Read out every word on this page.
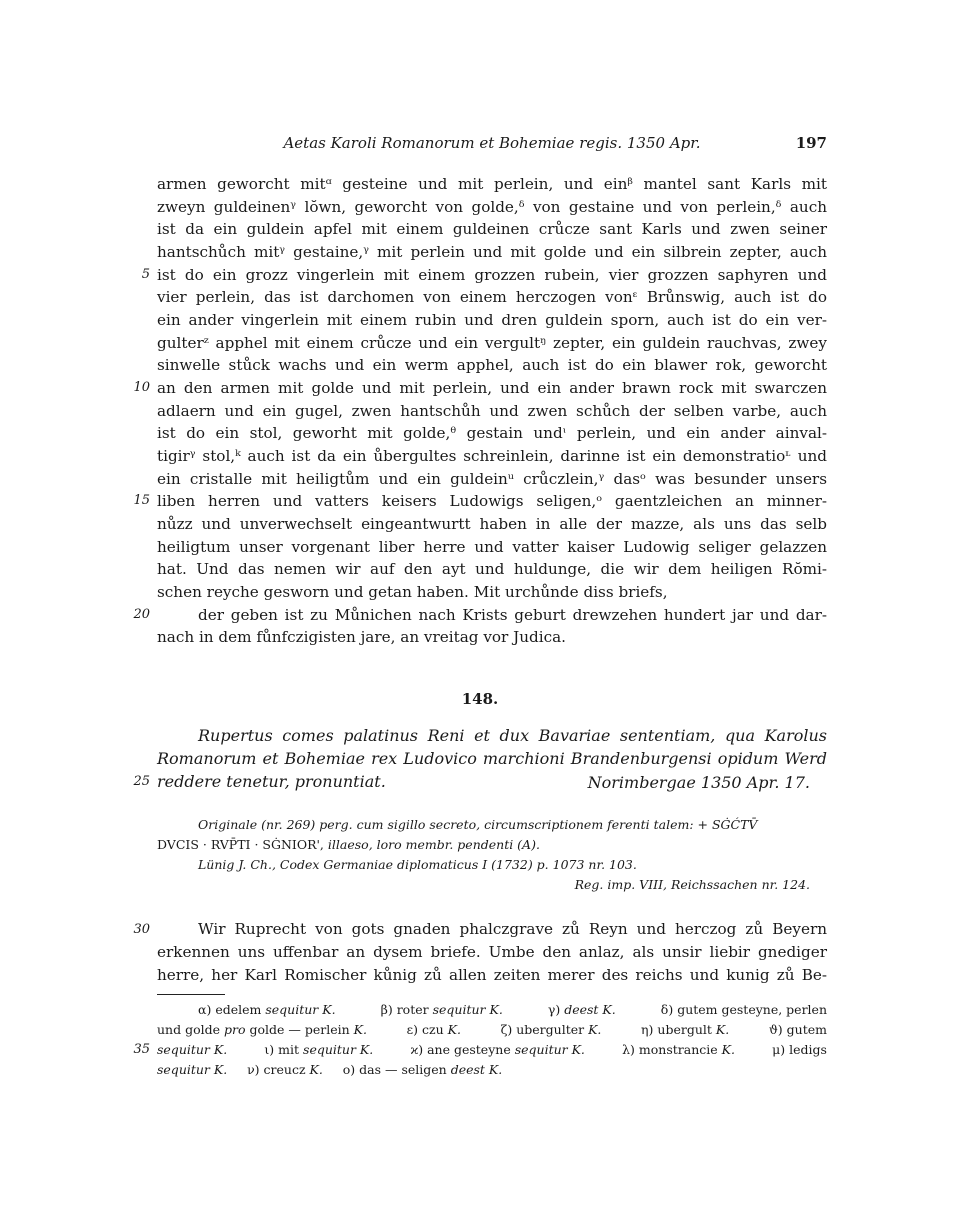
Aetas Karoli Romanorum et Bohemiae regis. 1350 Apr.	197
5
10
15
20
25
30
35
armen geworcht mitᵅ gesteine und mit perlein, und einᵝ mantel sant Karls mit
zweyn guldeinenᵞ lŏwn, geworcht von golde,ᵟ von gestaine und von perlein,ᵟ auch
ist da ein guldein apfel mit einem guldeinen crůcze sant Karls und zwen seiner
hantschůch mitᵞ gestaine,ᵞ mit perlein und mit golde und ein silbrein zepter, auch
ist do ein grozz vingerlein mit einem grozzen rubein, vier grozzen saphyren und
vier perlein, das ist darchomen von einem herczogen vonᵋ Brůnswig, auch ist do
ein ander vingerlein mit einem rubin und dren guldein sporn, auch ist do ein ver-
gulterᶻ apphel mit einem crůcze und ein vergultᵑ zepter, ein guldein rauchvas, zwey
sinwelle stůck wachs und ein werm apphel, auch ist do ein blawer rok, geworcht
an den armen mit golde und mit perlein, und ein ander brawn rock mit swarczen
adlaern und ein gugel, zwen hantschůh und zwen schůch der selben varbe, auch
ist do ein stol, geworht mit golde,ᶿ gestain undᶥ perlein, und ein ander ainval-
tigirᵞ stol,ᵏ auch ist da ein ůbergultes schreinlein, darinne ist ein demonstratioᶫ und
ein cristalle mit heiligtům und ein guldeinᵘ crůczlein,ᵞ dasᵒ was besunder unsers
liben herren und vatters keisers Ludowigs seligen,ᵒ gaentzleichen an minner-
nůzz und unverwechselt eingeantwurtt haben in alle der mazze, als uns das selb
heiligtum unser vorgenant liber herre und vatter kaiser Ludowig seliger gelazzen
hat. Und das nemen wir auf den ayt und huldunge, die wir dem heiligen Rŏmi-
schen reyche gesworn und getan haben. Mit urchůnde diss briefs,
der geben ist zu Můnichen nach Krists geburt drewzehen hundert jar und dar-
nach in dem fůnfczigisten jare, an vreitag vor Judica.
148.
Rupertus comes palatinus Reni et dux Bavariae sententiam, qua Karolus
Romanorum et Bohemiae rex Ludovico marchioni Brandenburgensi opidum Werd
reddere tenetur, pronuntiat.	Norimbergae 1350 Apr. 17.
Originale (nr. 269) perg. cum sigillo secreto, circumscriptionem ferenti talem: + SĠĆTV̄
DVCIS · RVP̄TI · SĠNIOR', illaeso, loro membr. pendenti (A).
Lünig J. Ch., Codex Germaniae diplomaticus I (1732) p. 1073 nr. 103.
Reg. imp. VIII, Reichssachen nr. 124.
Wir Ruprecht von gots gnaden phalczgrave zů Reyn und herczog zů Beyern
erkennen uns uffenbar an dysem briefe. Umbe den anlaz, als unsir liebir gnediger
herre, her Karl Romischer kůnig zů allen zeiten merer des reichs und kunig zů Be-
α) edelem sequitur K.	β) roter sequitur K.	γ) deest K.	δ) gutem gesteyne, perlen
und golde pro golde — perlein K.	ε) czu K.	ζ) ubergulter K.	η) ubergult K.	ϑ) gutem
sequitur K.	ι) mit sequitur K.	ϰ) ane gesteyne sequitur K.	λ) monstrancie K.	μ) ledigs
sequitur K. ν) creucz K. ο) das — seligen deest K.
